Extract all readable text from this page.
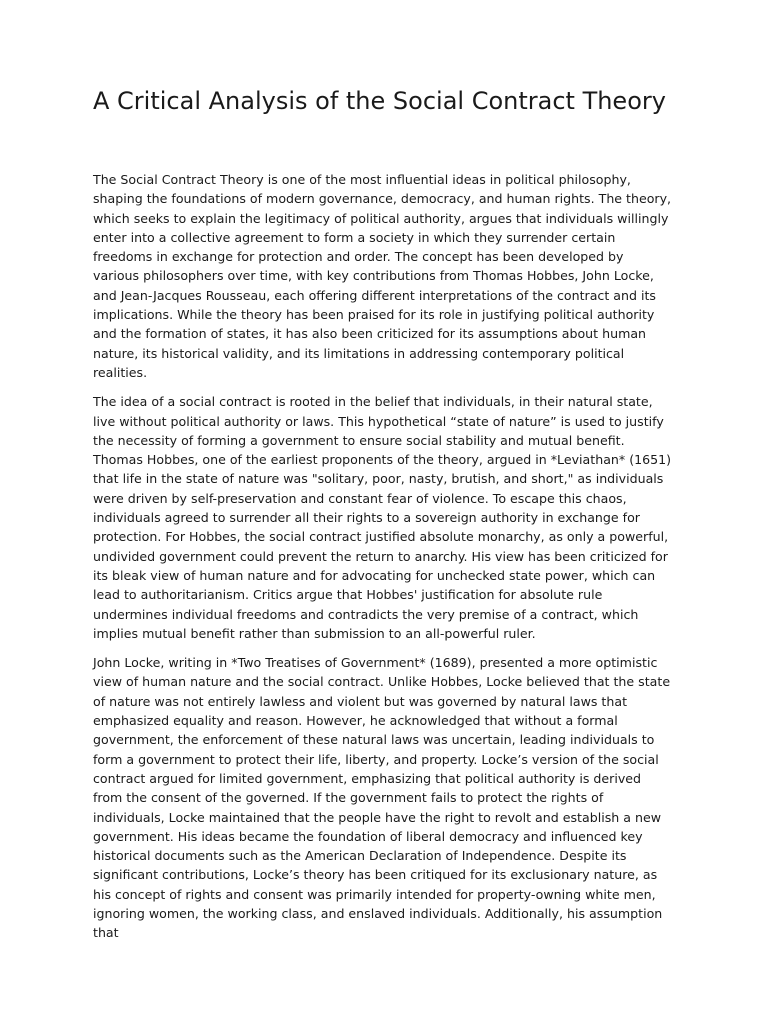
A Critical Analysis of the Social Contract Theory

The Social Contract Theory is one of the most influential ideas in political philosophy, shaping the foundations of modern governance, democracy, and human rights. The theory, which seeks to explain the legitimacy of political authority, argues that individuals willingly enter into a collective agreement to form a society in which they surrender certain freedoms in exchange for protection and order. The concept has been developed by various philosophers over time, with key contributions from Thomas Hobbes, John Locke, and Jean-Jacques Rousseau, each offering different interpretations of the contract and its implications. While the theory has been praised for its role in justifying political authority and the formation of states, it has also been criticized for its assumptions about human nature, its historical validity, and its limitations in addressing contemporary political realities.

The idea of a social contract is rooted in the belief that individuals, in their natural state, live without political authority or laws. This hypothetical “state of nature” is used to justify the necessity of forming a government to ensure social stability and mutual benefit. Thomas Hobbes, one of the earliest proponents of the theory, argued in *Leviathan* (1651) that life in the state of nature was "solitary, poor, nasty, brutish, and short," as individuals were driven by self-preservation and constant fear of violence. To escape this chaos, individuals agreed to surrender all their rights to a sovereign authority in exchange for protection. For Hobbes, the social contract justified absolute monarchy, as only a powerful, undivided government could prevent the return to anarchy. His view has been criticized for its bleak view of human nature and for advocating for unchecked state power, which can lead to authoritarianism. Critics argue that Hobbes' justification for absolute rule undermines individual freedoms and contradicts the very premise of a contract, which implies mutual benefit rather than submission to an all-powerful ruler.

John Locke, writing in *Two Treatises of Government* (1689), presented a more optimistic view of human nature and the social contract. Unlike Hobbes, Locke believed that the state of nature was not entirely lawless and violent but was governed by natural laws that emphasized equality and reason. However, he acknowledged that without a formal government, the enforcement of these natural laws was uncertain, leading individuals to form a government to protect their life, liberty, and property. Locke’s version of the social contract argued for limited government, emphasizing that political authority is derived from the consent of the governed. If the government fails to protect the rights of individuals, Locke maintained that the people have the right to revolt and establish a new government. His ideas became the foundation of liberal democracy and influenced key historical documents such as the American Declaration of Independence. Despite its significant contributions, Locke’s theory has been critiqued for its exclusionary nature, as his concept of rights and consent was primarily intended for property-owning white men, ignoring women, the working class, and enslaved individuals. Additionally, his assumption that
